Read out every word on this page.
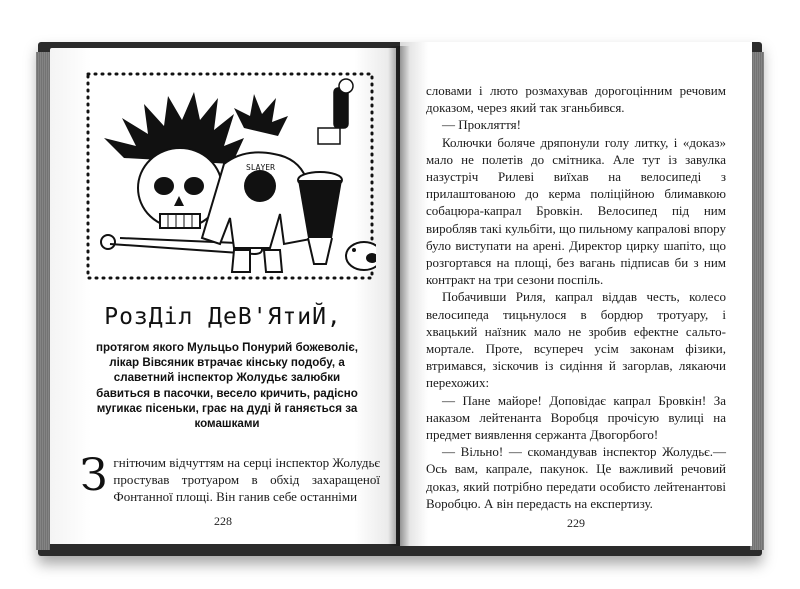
SLAYER
РозДіл ДеВ'ЯтиЙ,
протягом якого Мульцьо Понурий божеволіє, лікар Вівсяник втрачає кінську подобу, а славетний інспектор Жолудьє залюбки бавиться в пасочки, весело кричить, радісно мугикає пісеньки, грає на дуді й ганяється за комашками
Згнітючим відчуттям на серці інспектор Жолудьє простував тротуаром в обхід захаращеної Фонтанної площі. Він ганив себе останніми
228

словами і люто розмахував дорогоцінним речовим доказом, через який так зганьбився.

— Прокляття!

Колючки боляче дряпонули голу литку, і «доказ» мало не полетів до смітника. Але тут із завулка назустріч Рилеві виїхав на велосипеді з прилаштованою до керма поліційною блимавкою собацюра-капрал Бровкін. Велосипед під ним виробляв такі кульбіти, що пильному капралові впору було виступати на арені. Директор цирку шапіто, що розгортався на площі, без вагань підписав би з ним контракт на три сезони поспіль.

Побачивши Риля, капрал віддав честь, колесо велосипеда тицьнулося в бордюр тротуару, і хвацький наїзник мало не зробив ефектне сальто-мортале. Проте, всупереч усім законам фізики, втримався, зіскочив із сидіння й загорлав, лякаючи перехожих:

— Пане майоре! Доповідає капрал Бровкін! За наказом лейтенанта Воробця прочісую вулиці на предмет виявлення сержанта Двогорбого!

— Вільно! — скомандував інспектор Жолудьє.— Ось вам, капрале, пакунок. Це важливий речовий доказ, який потрібно передати особисто лейтенантові Воробцю. А він передасть на експертизу.

229
